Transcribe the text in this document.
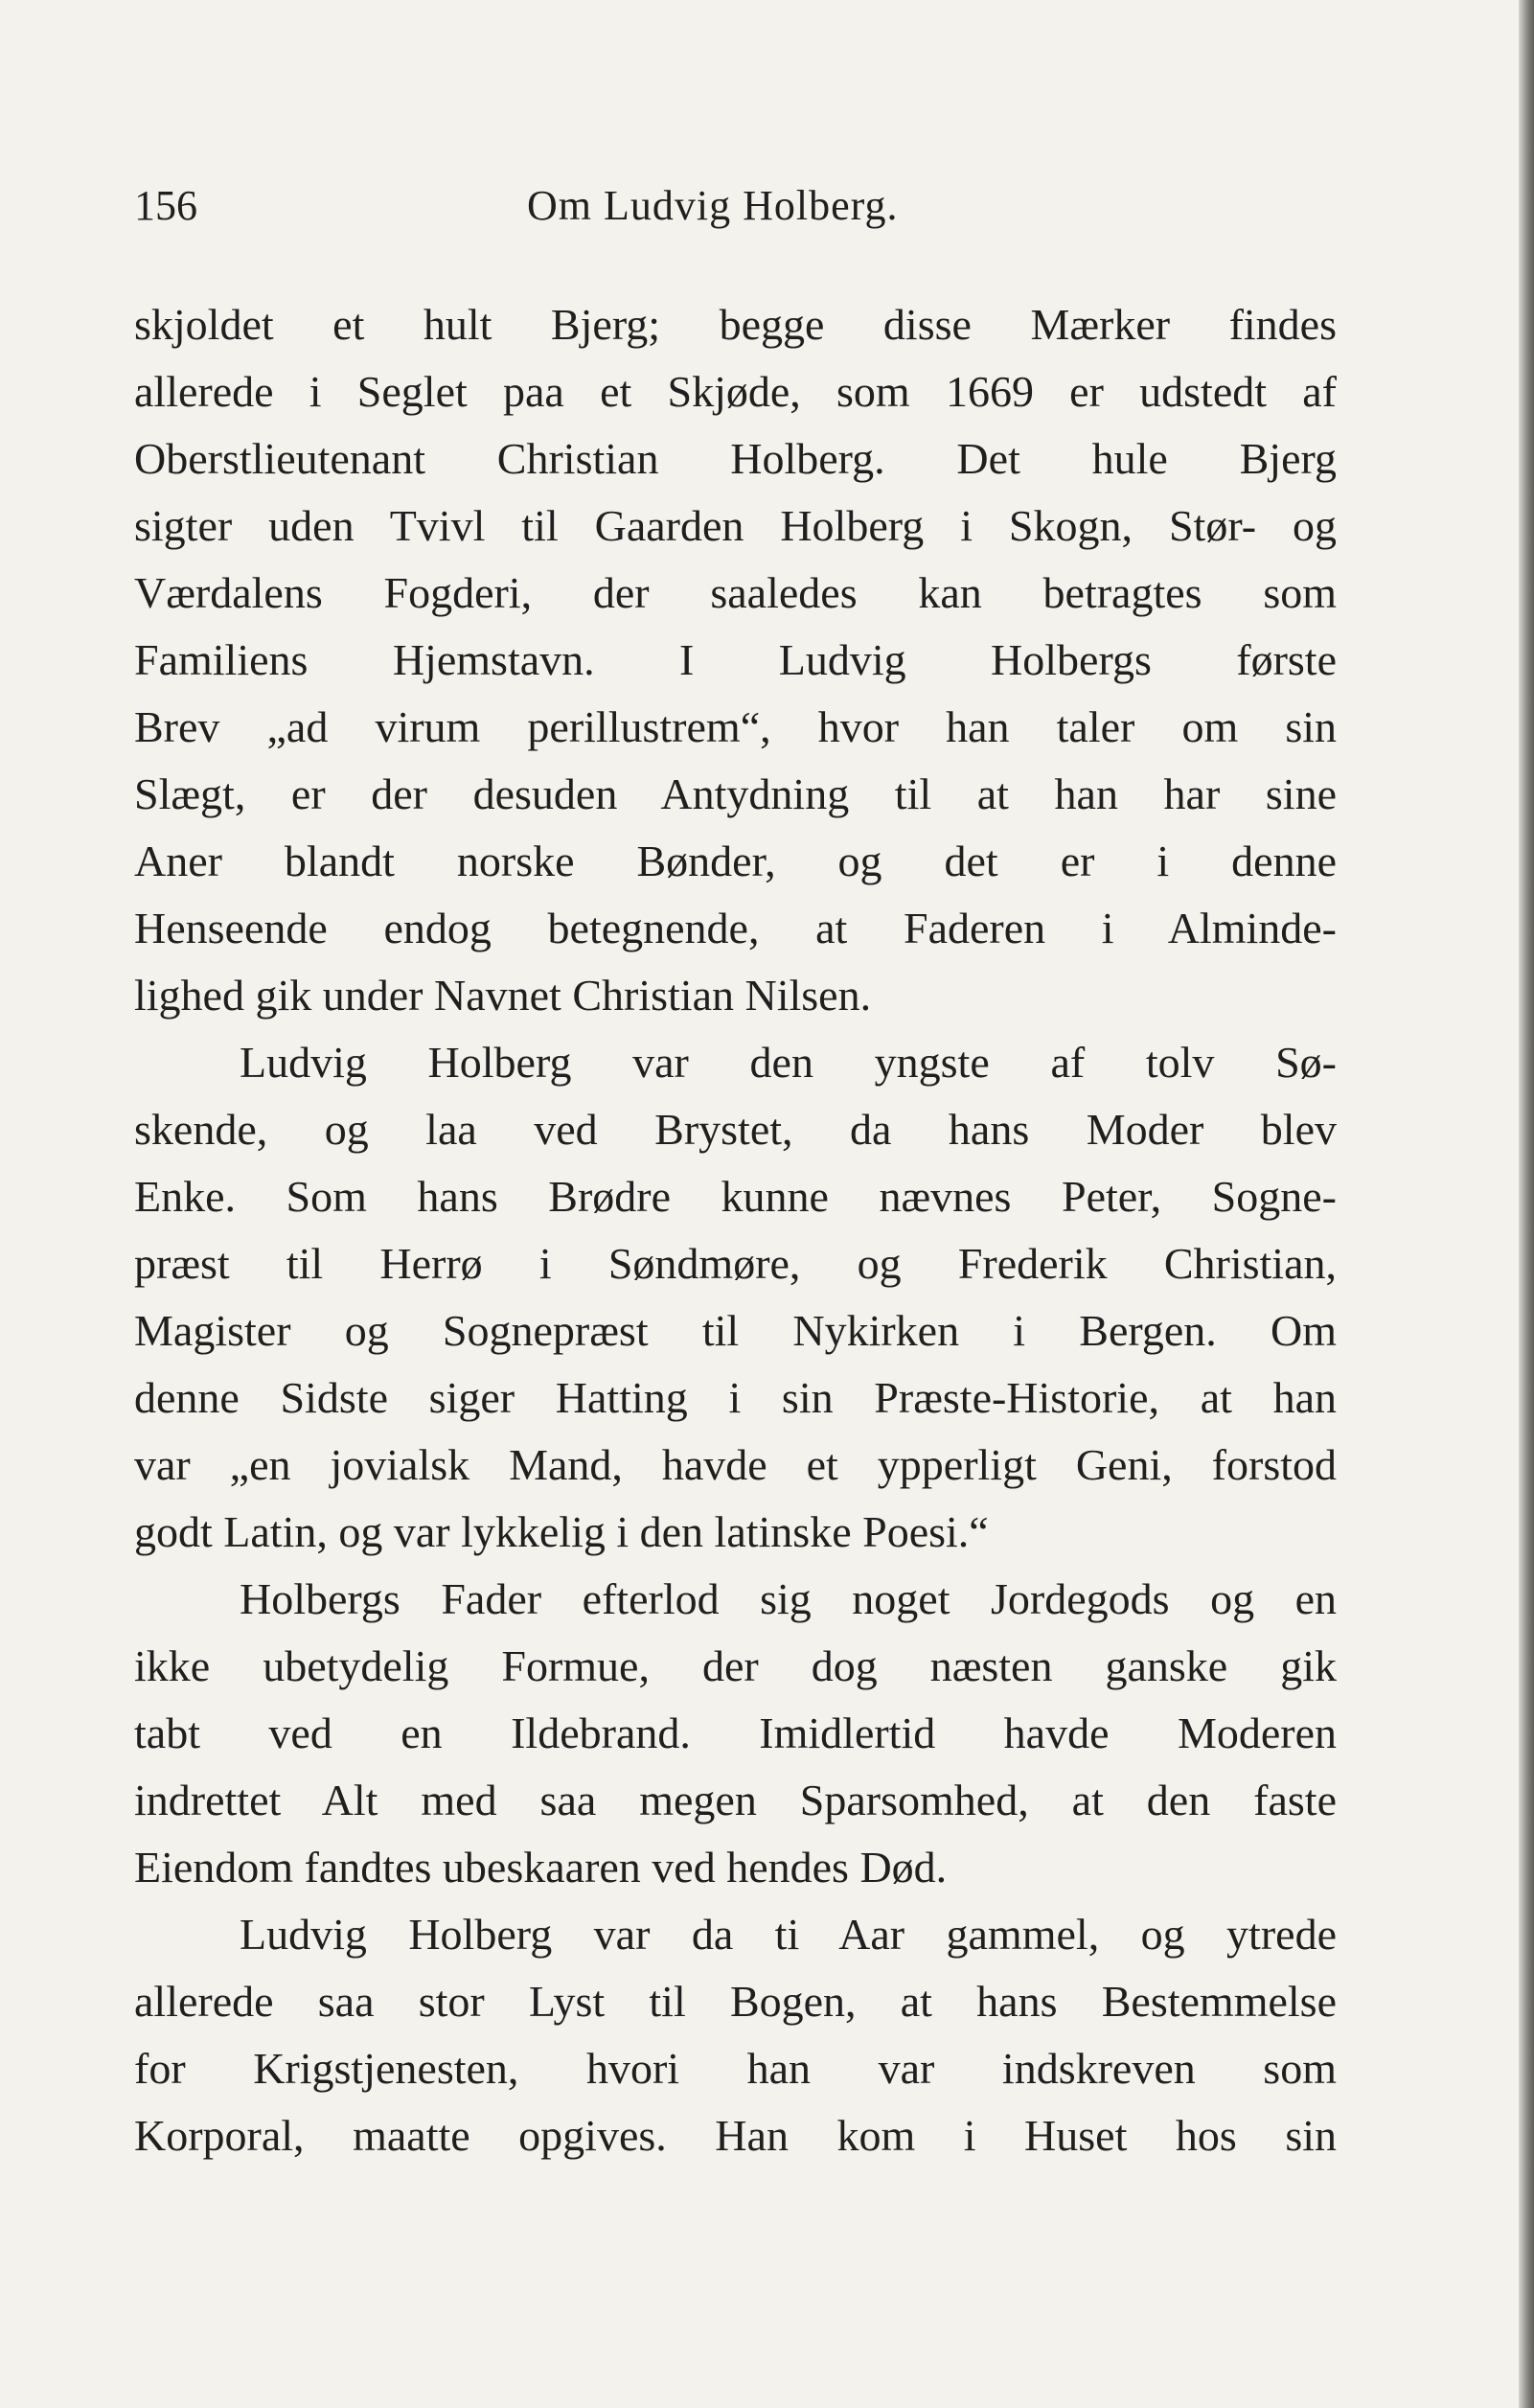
156	Om Ludvig Holberg.
skjoldet et hult Bjerg; begge disse Mærker findes
allerede i Seglet paa et Skjøde, som 1669 er udstedt af
Oberstlieutenant Christian Holberg. Det hule Bjerg
sigter uden Tvivl til Gaarden Holberg i Skogn, Stør- og
Værdalens Fogderi, der saaledes kan betragtes som
Familiens Hjemstavn. I Ludvig Holbergs første
Brev „ad virum perillustrem“, hvor han taler om sin
Slægt, er der desuden Antydning til at han har sine
Aner blandt norske Bønder, og det er i denne
Henseende endog betegnende, at Faderen i Alminde-
lighed gik under Navnet Christian Nilsen.
Ludvig Holberg var den yngste af tolv Sø-
skende, og laa ved Brystet, da hans Moder blev
Enke. Som hans Brødre kunne nævnes Peter, Sogne-
præst til Herrø i Søndmøre, og Frederik Christian,
Magister og Sognepræst til Nykirken i Bergen. Om
denne Sidste siger Hatting i sin Præste-Historie, at han
var „en jovialsk Mand, havde et ypperligt Geni, forstod
godt Latin, og var lykkelig i den latinske Poesi.“
Holbergs Fader efterlod sig noget Jordegods og en
ikke ubetydelig Formue, der dog næsten ganske gik
tabt ved en Ildebrand. Imidlertid havde Moderen
indrettet Alt med saa megen Sparsomhed, at den faste
Eiendom fandtes ubeskaaren ved hendes Død.
Ludvig Holberg var da ti Aar gammel, og ytrede
allerede saa stor Lyst til Bogen, at hans Bestemmelse
for Krigstjenesten, hvori han var indskreven som
Korporal, maatte opgives. Han kom i Huset hos sin
